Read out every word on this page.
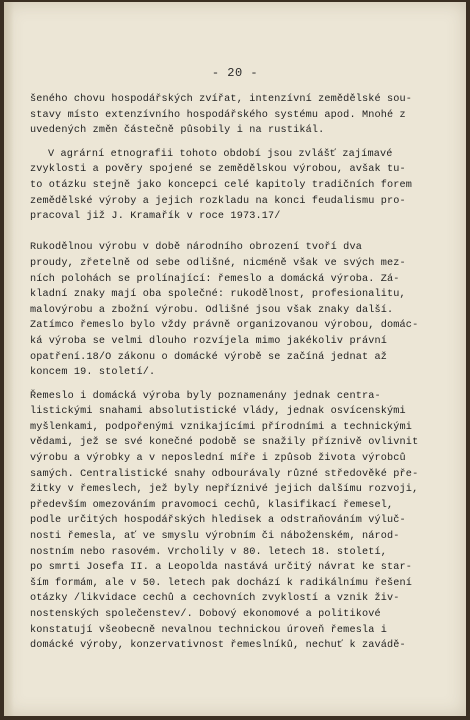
- 20 -
šeného chovu hospodářských zvířat, intenzívní zemědělské sou-
stavy místo extenzívního hospodářského systému apod. Mnohé z
uvedených změn částečně působily i na rustikál.
V agrární etnografii tohoto období jsou zvlášť zajímavé
zvyklosti a pověry spojené se zemědělskou výrobou, avšak tu-
to otázku stejně jako koncepci celé kapitoly tradičních forem
zemědělské výroby a jejich rozkladu na konci feudalismu pro-
pracoval již J. Kramařík v roce 1973.17/
Rukodělnou výrobu v době národního obrození tvoří dva
proudy, zřetelně od sebe odlišné, nicméně však ve svých mez-
ních polohách se prolínající: řemeslo a domácká výroba. Zá-
kladní znaky mají oba společné: rukodělnost, profesionalitu,
malovýrobu a zbožní výrobu. Odlišné jsou však znaky další.
Zatímco řemeslo bylo vždy právně organizovanou výrobou, domác-
ká výroba se velmi dlouho rozvíjela mimo jakékoliv právní
opatření.18/O zákonu o domácké výrobě se začíná jednat až
koncem 19. století/.
Řemeslo i domácká výroba byly poznamenány jednak centra-
listickými snahami absolutistické vlády, jednak osvícenskými
myšlenkami, podpořenými vznikajícími přírodními a technickými
vědami, jež se své konečné podobě se snažily příznivě ovlivnit
výrobu a výrobky a v neposlední míře i způsob života výrobců
samých. Centralistické snahy odbourávaly různé středověké pře-
žitky v řemeslech, jež byly nepříznivé jejich dalšímu rozvoji,
především omezováním pravomoci cechů, klasifikací řemesel,
podle určitých hospodářských hledisek a odstraňováním výluč-
nosti řemesla, ať ve smyslu výrobním či náboženském, národ-
nostním nebo rasovém. Vrcholily v 80. letech 18. století,
po smrti Josefa II. a Leopolda nastává určitý návrat ke star-
ším formám, ale v 50. letech pak dochází k radikálnímu řešení
otázky /likvidace cechů a cechovních zvyklostí a vznik živ-
nostenských společenstev/. Dobový ekonomové a politikové
konstatují všeobecně nevalnou technickou úroveň řemesla i
domácké výroby, konzervativnost řemeslníků, nechuť k zavádě-
